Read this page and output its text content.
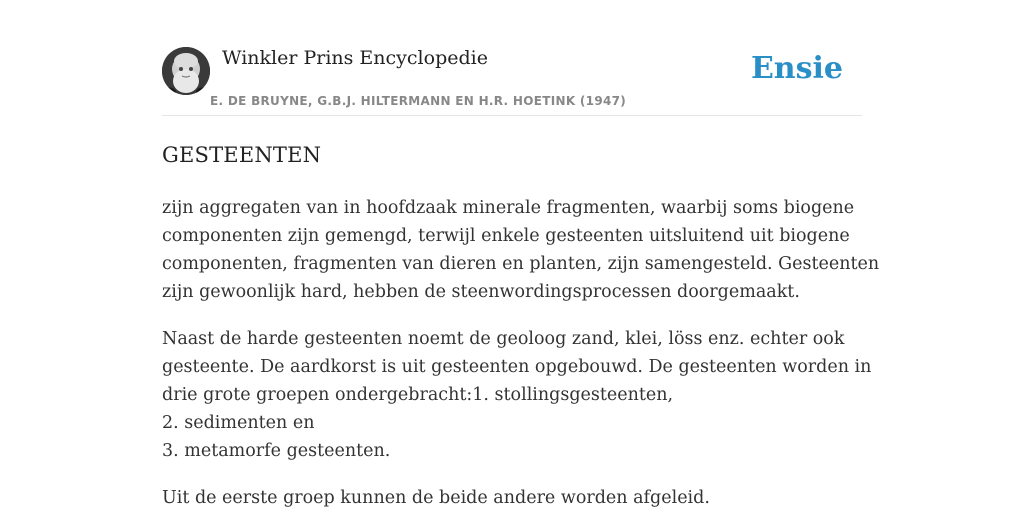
Winkler Prins Encyclopedie
E. DE BRUYNE, G.B.J. HILTERMANN EN H.R. HOETINK (1947)
Ensie
GESTEENTEN

zijn aggregaten van in hoofdzaak minerale fragmenten, waarbij soms biogene
componenten zijn gemengd, terwijl enkele gesteenten uitsluitend uit biogene
componenten, fragmenten van dieren en planten, zijn samengesteld. Gesteenten
zijn gewoonlijk hard, hebben de steenwordingsprocessen doorgemaakt.

Naast de harde gesteenten noemt de geoloog zand, klei, löss enz. echter ook
gesteente. De aardkorst is uit gesteenten opgebouwd. De gesteenten worden in
drie grote groepen ondergebracht:1. stollingsgesteenten,
2. sedimenten en
3. metamorfe gesteenten.
Uit de eerste groep kunnen de beide andere worden afgeleid.
